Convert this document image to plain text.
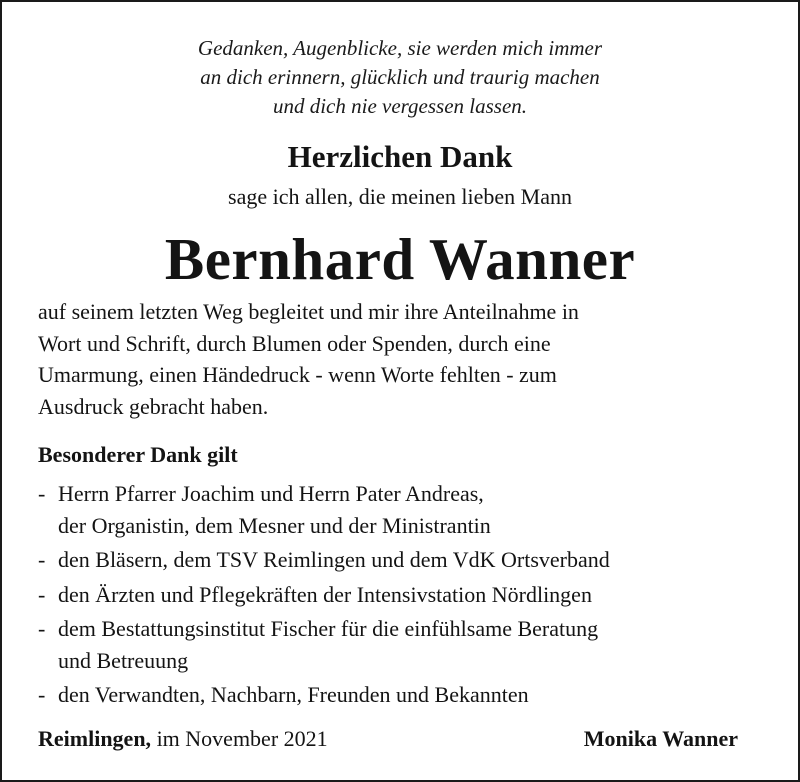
Gedanken, Augenblicke, sie werden mich immer
an dich erinnern, glücklich und traurig machen
und dich nie vergessen lassen.
Herzlichen Dank
sage ich allen, die meinen lieben Mann
Bernhard Wanner
auf seinem letzten Weg begleitet und mir ihre Anteilnahme in
Wort und Schrift, durch Blumen oder Spenden, durch eine
Umarmung, einen Händedruck - wenn Worte fehlten - zum
Ausdruck gebracht haben.
Besonderer Dank gilt
- Herrn Pfarrer Joachim und Herrn Pater Andreas,
der Organistin, dem Mesner und der Ministrantin
- den Bläsern, dem TSV Reimlingen und dem VdK Ortsverband
- den Ärzten und Pflegekräften der Intensivstation Nördlingen
- dem Bestattungsinstitut Fischer für die einfühlsame Beratung
und Betreuung
- den Verwandten, Nachbarn, Freunden und Bekannten
Reimlingen, im November 2021	Monika Wanner
